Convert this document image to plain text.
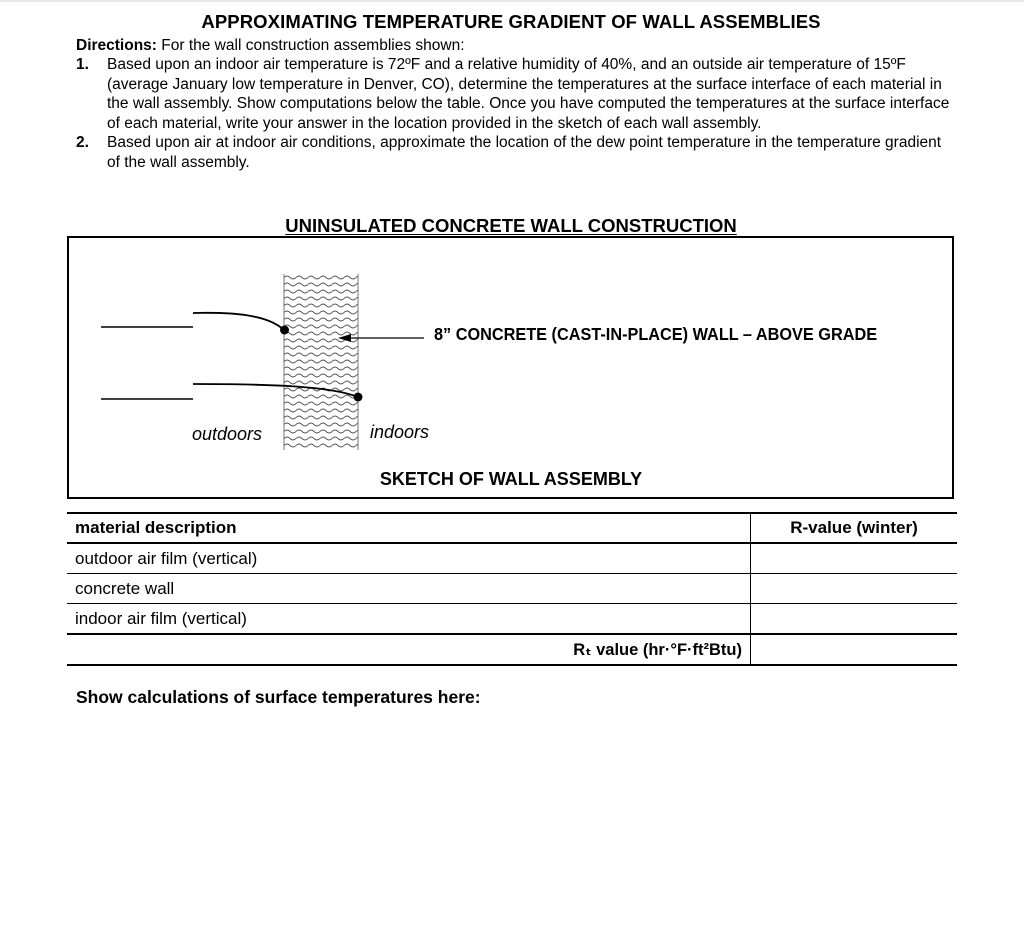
APPROXIMATING TEMPERATURE GRADIENT OF WALL ASSEMBLIES
Directions: For the wall construction assemblies shown:
1. Based upon an indoor air temperature is 72ºF and a relative humidity of 40%, and an outside air temperature of 15ºF (average January low temperature in Denver, CO), determine the temperatures at the surface interface of each material in the wall assembly. Show computations below the table. Once you have computed the temperatures at the surface interface of each material, write your answer in the location provided in the sketch of each wall assembly.
2. Based upon air at indoor air conditions, approximate the location of the dew point temperature in the temperature gradient of the wall assembly.
UNINSULATED CONCRETE WALL CONSTRUCTION
8” CONCRETE (CAST-IN-PLACE) WALL – ABOVE GRADE
outdoors	indoors
SKETCH OF WALL ASSEMBLY
material description	R-value (winter)
outdoor air film (vertical)	
concrete wall	
indoor air film (vertical)	
Rₜ value (hr·°F·ft²Btu)	
Show calculations of surface temperatures here:
